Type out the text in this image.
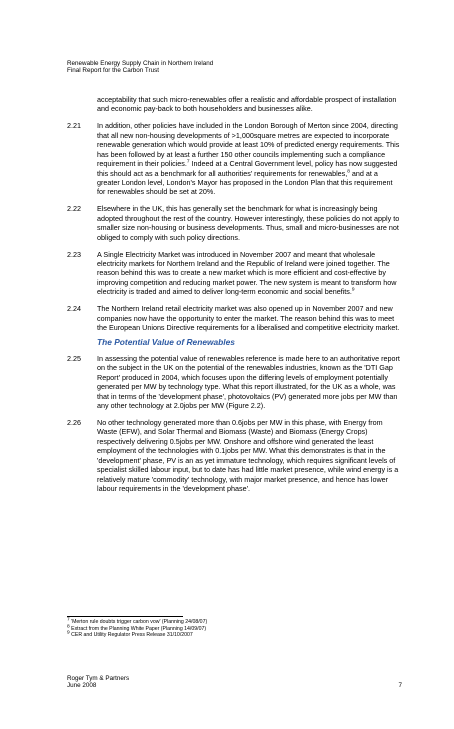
Renewable Energy Supply Chain in Northern Ireland
Final Report for the Carbon Trust
acceptability that such micro-renewables offer a realistic and affordable prospect of installation and economic pay-back to both householders and businesses alike.
2.21	In addition, other policies have included in the London Borough of Merton since 2004, directing that all new non-housing developments of >1,000square metres are expected to incorporate renewable generation which would provide at least 10% of predicted energy requirements. This has been followed by at least a further 150 other councils implementing such a compliance requirement in their policies.$^7$ Indeed at a Central Government level, policy has now suggested this should act as a benchmark for all authorities' requirements for renewables,$^8$ and at a greater London level, London's Mayor has proposed in the London Plan that this requirement for renewables should be set at 20%.
2.22	Elsewhere in the UK, this has generally set the benchmark for what is increasingly being adopted throughout the rest of the country. However interestingly, these policies do not apply to smaller size non-housing or business developments. Thus, small and micro-businesses are not obliged to comply with such policy directions.
2.23	A Single Electricity Market was introduced in November 2007 and meant that wholesale electricity markets for Northern Ireland and the Republic of Ireland were joined together. The reason behind this was to create a new market which is more efficient and cost-effective by improving competition and reducing market power. The new system is meant to transform how electricity is traded and aimed to deliver long-term economic and social benefits.$^9$
2.24	The Northern Ireland retail electricity market was also opened up in November 2007 and new companies now have the opportunity to enter the market. The reason behind this was to meet the European Unions Directive requirements for a liberalised and competitive electricity market.
The Potential Value of Renewables
2.25	In assessing the potential value of renewables reference is made here to an authoritative report on the subject in the UK on the potential of the renewables industries, known as the 'DTI Gap Report' produced in 2004, which focuses upon the differing levels of employment potentially generated per MW by technology type. What this report illustrated, for the UK as a whole, was that in terms of the 'development phase', photovoltaics (PV) generated more jobs per MW than any other technology at 2.0jobs per MW (Figure 2.2).
2.26	No other technology generated more than 0.6jobs per MW in this phase, with Energy from Waste (EFW), and Solar Thermal and Biomass (Waste) and Biomass (Energy Crops) respectively delivering 0.5jobs per MW. Onshore and offshore wind generated the least employment of the technologies with 0.1jobs per MW. What this demonstrates is that in the 'development' phase, PV is an as yet immature technology, which requires significant levels of specialist skilled labour input, but to date has had little market presence, while wind energy is a relatively mature 'commodity' technology, with major market presence, and hence has lower labour requirements in the 'development phase'.
$^7$ 'Merton rule doubts trigger carbon vow' (Planning 24/08/07)
$^8$ Extract from the Planning White Paper (Planning 14/09/07)
$^9$ CER and Utility Regulator Press Release 31/10/2007
Roger Tym & Partners
June 2008	7
